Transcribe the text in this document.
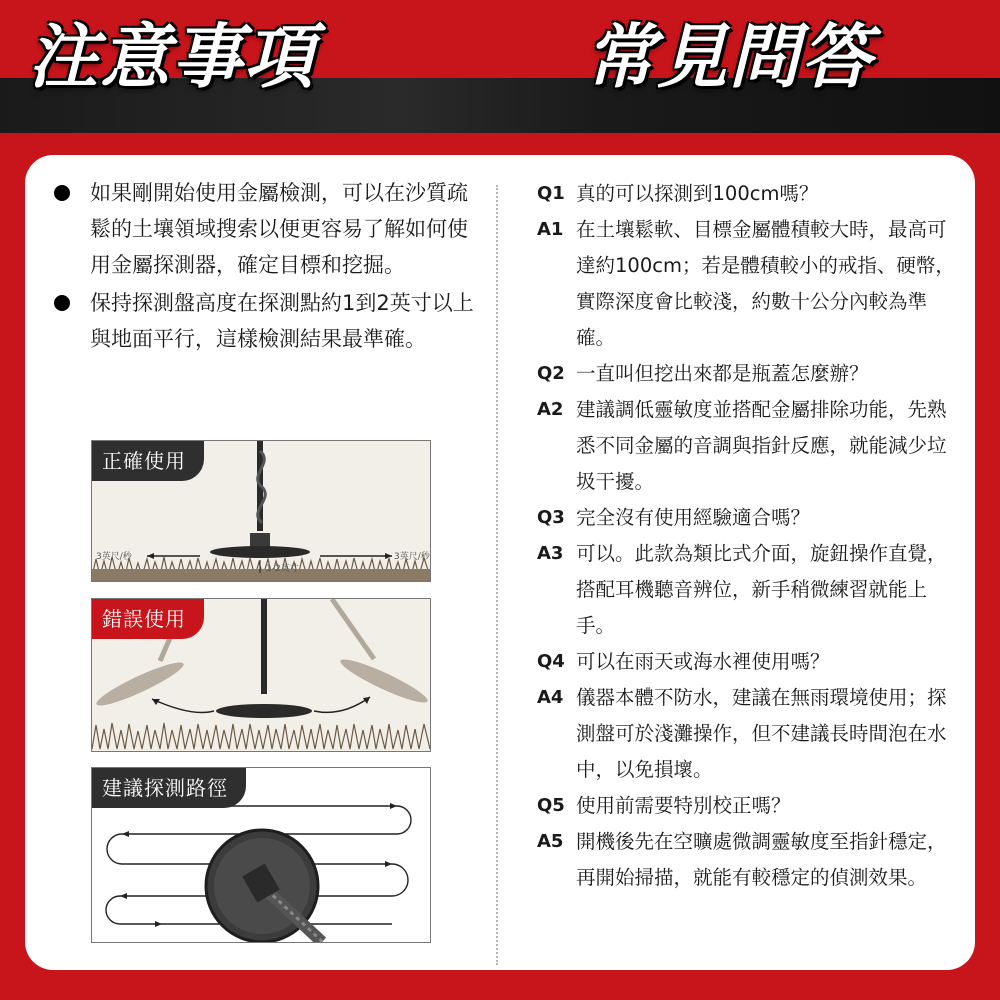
注意事項	常見問答
如果剛開始使用金屬檢測，可以在沙質疏鬆的土壤領域搜索以便更容易了解如何使用金屬探測器，確定目標和挖掘。
保持探測盤高度在探測點約1到2英寸以上與地面平行，這樣檢測結果最準確。
3英尺/秒	3英尺/秒
1-2英寸
正確使用
錯誤使用
建議探測路徑
Q1 真的可以探測到100cm嗎？
A1 在土壤鬆軟、目標金屬體積較大時，最高可達約100cm；若是體積較小的戒指、硬幣，實際深度會比較淺，約數十公分內較為準確。
Q2 一直叫但挖出來都是瓶蓋怎麼辦？
A2 建議調低靈敏度並搭配金屬排除功能，先熟悉不同金屬的音調與指針反應，就能減少垃圾干擾。
Q3 完全沒有使用經驗適合嗎？
A3 可以。此款為類比式介面，旋鈕操作直覺，搭配耳機聽音辨位，新手稍微練習就能上手。
Q4 可以在雨天或海水裡使用嗎？
A4 儀器本體不防水，建議在無雨環境使用；探測盤可於淺灘操作，但不建議長時間泡在水中，以免損壞。
Q5 使用前需要特別校正嗎？
A5 開機後先在空曠處微調靈敏度至指針穩定，再開始掃描，就能有較穩定的偵測效果。
